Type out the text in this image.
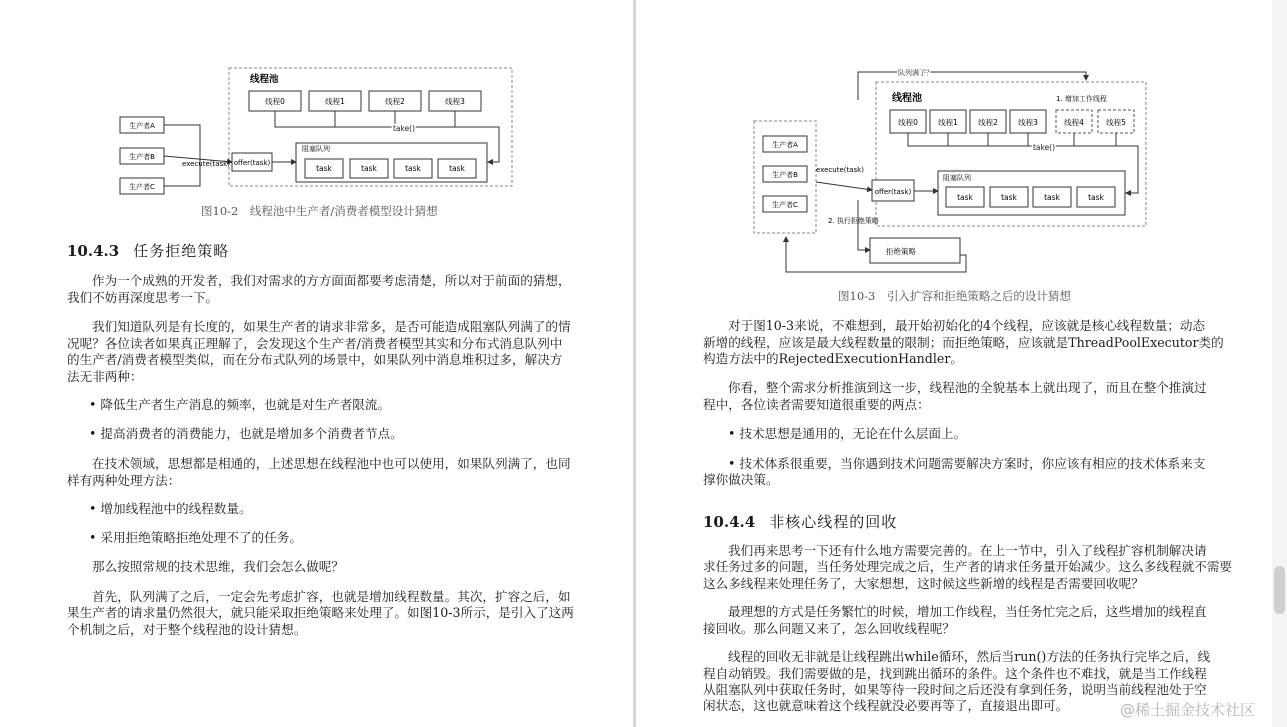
线程池
线程0	线程1	线程2	线程3
take()
生产者A
生产者B
生产者C
execute(task) offer(task)
阻塞队列
task	task	task	task
图10-2　线程池中生产者/消费者模型设计猜想
10.4.3 任务拒绝策略
作为一个成熟的开发者，我们对需求的方方面面都要考虑清楚，所以对于前面的猜想，
我们不妨再深度思考一下。
我们知道队列是有长度的，如果生产者的请求非常多，是否可能造成阻塞队列满了的情
况呢？各位读者如果真正理解了，会发现这个生产者/消费者模型其实和分布式消息队列中
的生产者/消费者模型类似，而在分布式队列的场景中，如果队列中消息堆积过多，解决方
法无非两种：
• 降低生产者生产消息的频率，也就是对生产者限流。
• 提高消费者的消费能力，也就是增加多个消费者节点。
在技术领域，思想都是相通的，上述思想在线程池中也可以使用，如果队列满了，也同
样有两种处理方法：
• 增加线程池中的线程数量。
• 采用拒绝策略拒绝处理不了的任务。
那么按照常规的技术思维，我们会怎么做呢？
首先，队列满了之后，一定会先考虑扩容，也就是增加线程数量。其次，扩容之后，如
果生产者的请求量仍然很大，就只能采取拒绝策略来处理了。如图10-3所示，是引入了这两
个机制之后，对于整个线程池的设计猜想。
队列满了？
线程池	1. 增加工作线程
线程0	线程1	线程2	线程3	线程4	线程5
take()
生产者A
生产者B
生产者C
execute(task)
offer(task)
阻塞队列
task	task	task	task
2. 执行拒绝策略
拒绝策略
图10-3　引入扩容和拒绝策略之后的设计猜想
对于图10-3来说，不难想到，最开始初始化的4个线程，应该就是核心线程数量；动态
新增的线程，应该是最大线程数量的限制；而拒绝策略，应该就是ThreadPoolExecutor类的
构造方法中的RejectedExecutionHandler。
你看，整个需求分析推演到这一步，线程池的全貌基本上就出现了，而且在整个推演过
程中，各位读者需要知道很重要的两点：
• 技术思想是通用的，无论在什么层面上。
• 技术体系很重要，当你遇到技术问题需要解决方案时，你应该有相应的技术体系来支
撑你做决策。
10.4.4 非核心线程的回收
我们再来思考一下还有什么地方需要完善的。在上一节中，引入了线程扩容机制解决请
求任务过多的问题，当任务处理完成之后，生产者的请求任务量开始减少。这么多线程就不需要
这么多线程来处理任务了，大家想想，这时候这些新增的线程是否需要回收呢？
最理想的方式是任务繁忙的时候，增加工作线程，当任务忙完之后，这些增加的线程直
接回收。那么问题又来了，怎么回收线程呢？
线程的回收无非就是让线程跳出while循环，然后当run()方法的任务执行完毕之后，线
程自动销毁。我们需要做的是，找到跳出循环的条件。这个条件也不难找，就是当工作线程
从阻塞队列中获取任务时，如果等待一段时间之后还没有拿到任务，说明当前线程池处于空
闲状态，这也就意味着这个线程就没必要再等了，直接退出即可。	@稀土掘金技术社区
